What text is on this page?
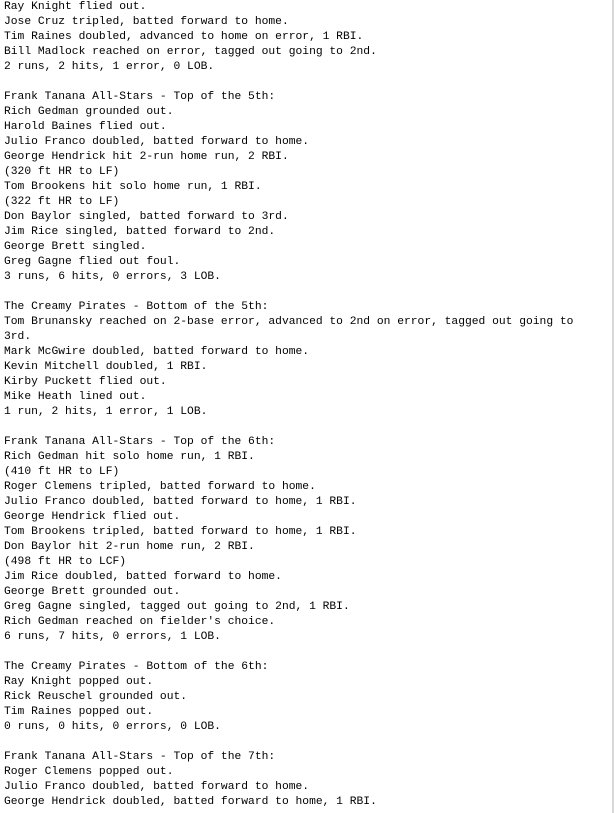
Ray Knight flied out.
Jose Cruz tripled, batted forward to home.
Tim Raines doubled, advanced to home on error, 1 RBI.
Bill Madlock reached on error, tagged out going to 2nd.
2 runs, 2 hits, 1 error, 0 LOB.
Frank Tanana All-Stars - Top of the 5th:
Rich Gedman grounded out.
Harold Baines flied out.
Julio Franco doubled, batted forward to home.
George Hendrick hit 2-run home run, 2 RBI.
(320 ft HR to LF)
Tom Brookens hit solo home run, 1 RBI.
(322 ft HR to LF)
Don Baylor singled, batted forward to 3rd.
Jim Rice singled, batted forward to 2nd.
George Brett singled.
Greg Gagne flied out foul.
3 runs, 6 hits, 0 errors, 3 LOB.
The Creamy Pirates - Bottom of the 5th:
Tom Brunansky reached on 2-base error, advanced to 2nd on error, tagged out going to
3rd.
Mark McGwire doubled, batted forward to home.
Kevin Mitchell doubled, 1 RBI.
Kirby Puckett flied out.
Mike Heath lined out.
1 run, 2 hits, 1 error, 1 LOB.
Frank Tanana All-Stars - Top of the 6th:
Rich Gedman hit solo home run, 1 RBI.
(410 ft HR to LF)
Roger Clemens tripled, batted forward to home.
Julio Franco doubled, batted forward to home, 1 RBI.
George Hendrick flied out.
Tom Brookens tripled, batted forward to home, 1 RBI.
Don Baylor hit 2-run home run, 2 RBI.
(498 ft HR to LCF)
Jim Rice doubled, batted forward to home.
George Brett grounded out.
Greg Gagne singled, tagged out going to 2nd, 1 RBI.
Rich Gedman reached on fielder's choice.
6 runs, 7 hits, 0 errors, 1 LOB.
The Creamy Pirates - Bottom of the 6th:
Ray Knight popped out.
Rick Reuschel grounded out.
Tim Raines popped out.
0 runs, 0 hits, 0 errors, 0 LOB.
Frank Tanana All-Stars - Top of the 7th:
Roger Clemens popped out.
Julio Franco doubled, batted forward to home.
George Hendrick doubled, batted forward to home, 1 RBI.
